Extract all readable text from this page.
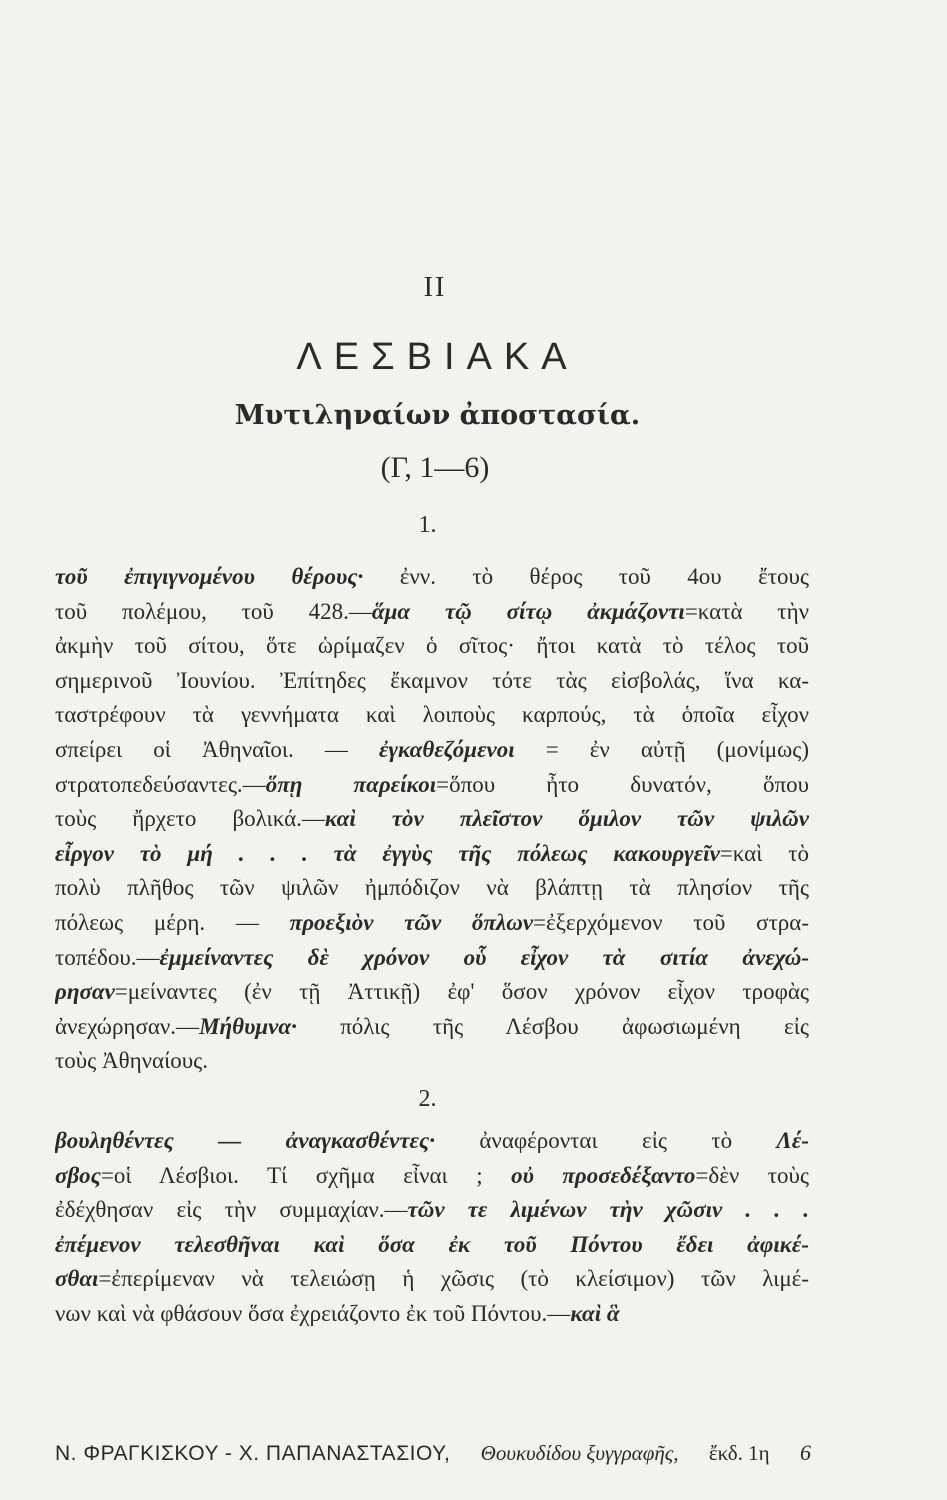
II
ΛΕΣΒΙΑΚΑ
Μυτιληναίων ἀποστασία.
(Γ, 1—6)
1.
τοῦ ἐπιγιγνομένου θέρους· ἐνν. τὸ θέρος τοῦ 4ου ἔτους
τοῦ πολέμου, τοῦ 428.—ἅμα τῷ σίτῳ ἀκμάζοντι=κατὰ τὴν
ἀκμὴν τοῦ σίτου, ὅτε ὡρίμαζεν ὁ σῖτος· ἤτοι κατὰ τὸ τέλος τοῦ
σημερινοῦ Ἰουνίου. Ἐπίτηδες ἔκαμνον τότε τὰς εἰσβολάς, ἵνα κα-
ταστρέφουν τὰ γεννήματα καὶ λοιποὺς καρπούς, τὰ ὁποῖα εἶχον
σπείρει οἱ Ἀθηναῖοι. — ἐγκαθεζόμενοι = ἐν αὐτῇ (μονίμως)
στρατοπεδεύσαντες.—ὅπῃ παρείκοι=ὅπου ἦτο δυνατόν, ὅπου
τοὺς ἤρχετο βολικά.—καὶ τὸν πλεῖστον ὅμιλον τῶν ψιλῶν
εἶργον τὸ μή . . . τὰ ἐγγὺς τῆς πόλεως κακουργεῖν=καὶ τὸ
πολὺ πλῆθος τῶν ψιλῶν ἠμπόδιζον νὰ βλάπτῃ τὰ πλησίον τῆς
πόλεως μέρη. — προεξιὸν τῶν ὅπλων=ἐξερχόμενον τοῦ στρα-
τοπέδου.—ἐμμείναντες δὲ χρόνον οὗ εἶχον τὰ σιτία ἀνεχώ-
ρησαν=μείναντες (ἐν τῇ Ἀττικῇ) ἐφ' ὅσον χρόνον εἶχον τροφὰς
ἀνεχώρησαν.—Μήθυμνα· πόλις τῆς Λέσβου ἀφωσιωμένη εἰς
τοὺς Ἀθηναίους.
2.
βουληθέντες — ἀναγκασθέντες· ἀναφέρονται εἰς τὸ Λέ-
σβος=οἱ Λέσβιοι. Τί σχῆμα εἶναι ; οὐ προσεδέξαντο=δὲν τοὺς
ἐδέχθησαν εἰς τὴν συμμαχίαν.—τῶν τε λιμένων τὴν χῶσιν . . .
ἐπέμενον τελεσθῆναι καὶ ὅσα ἐκ τοῦ Πόντου ἔδει ἀφικέ-
σθαι=ἐπερίμεναν νὰ τελειώσῃ ἡ χῶσις (τὸ κλείσιμον) τῶν λιμέ-
νων καὶ νὰ φθάσουν ὅσα ἐχρειάζοντο ἐκ τοῦ Πόντου.—καὶ ἃ
Ν. ΦΡΑΓΚΙΣΚΟΥ - Χ. ΠΑΠΑΝΑΣΤΑΣΙΟΥ, Θουκυδίδου ξυγγραφῆς, ἔκδ. 1η 6
